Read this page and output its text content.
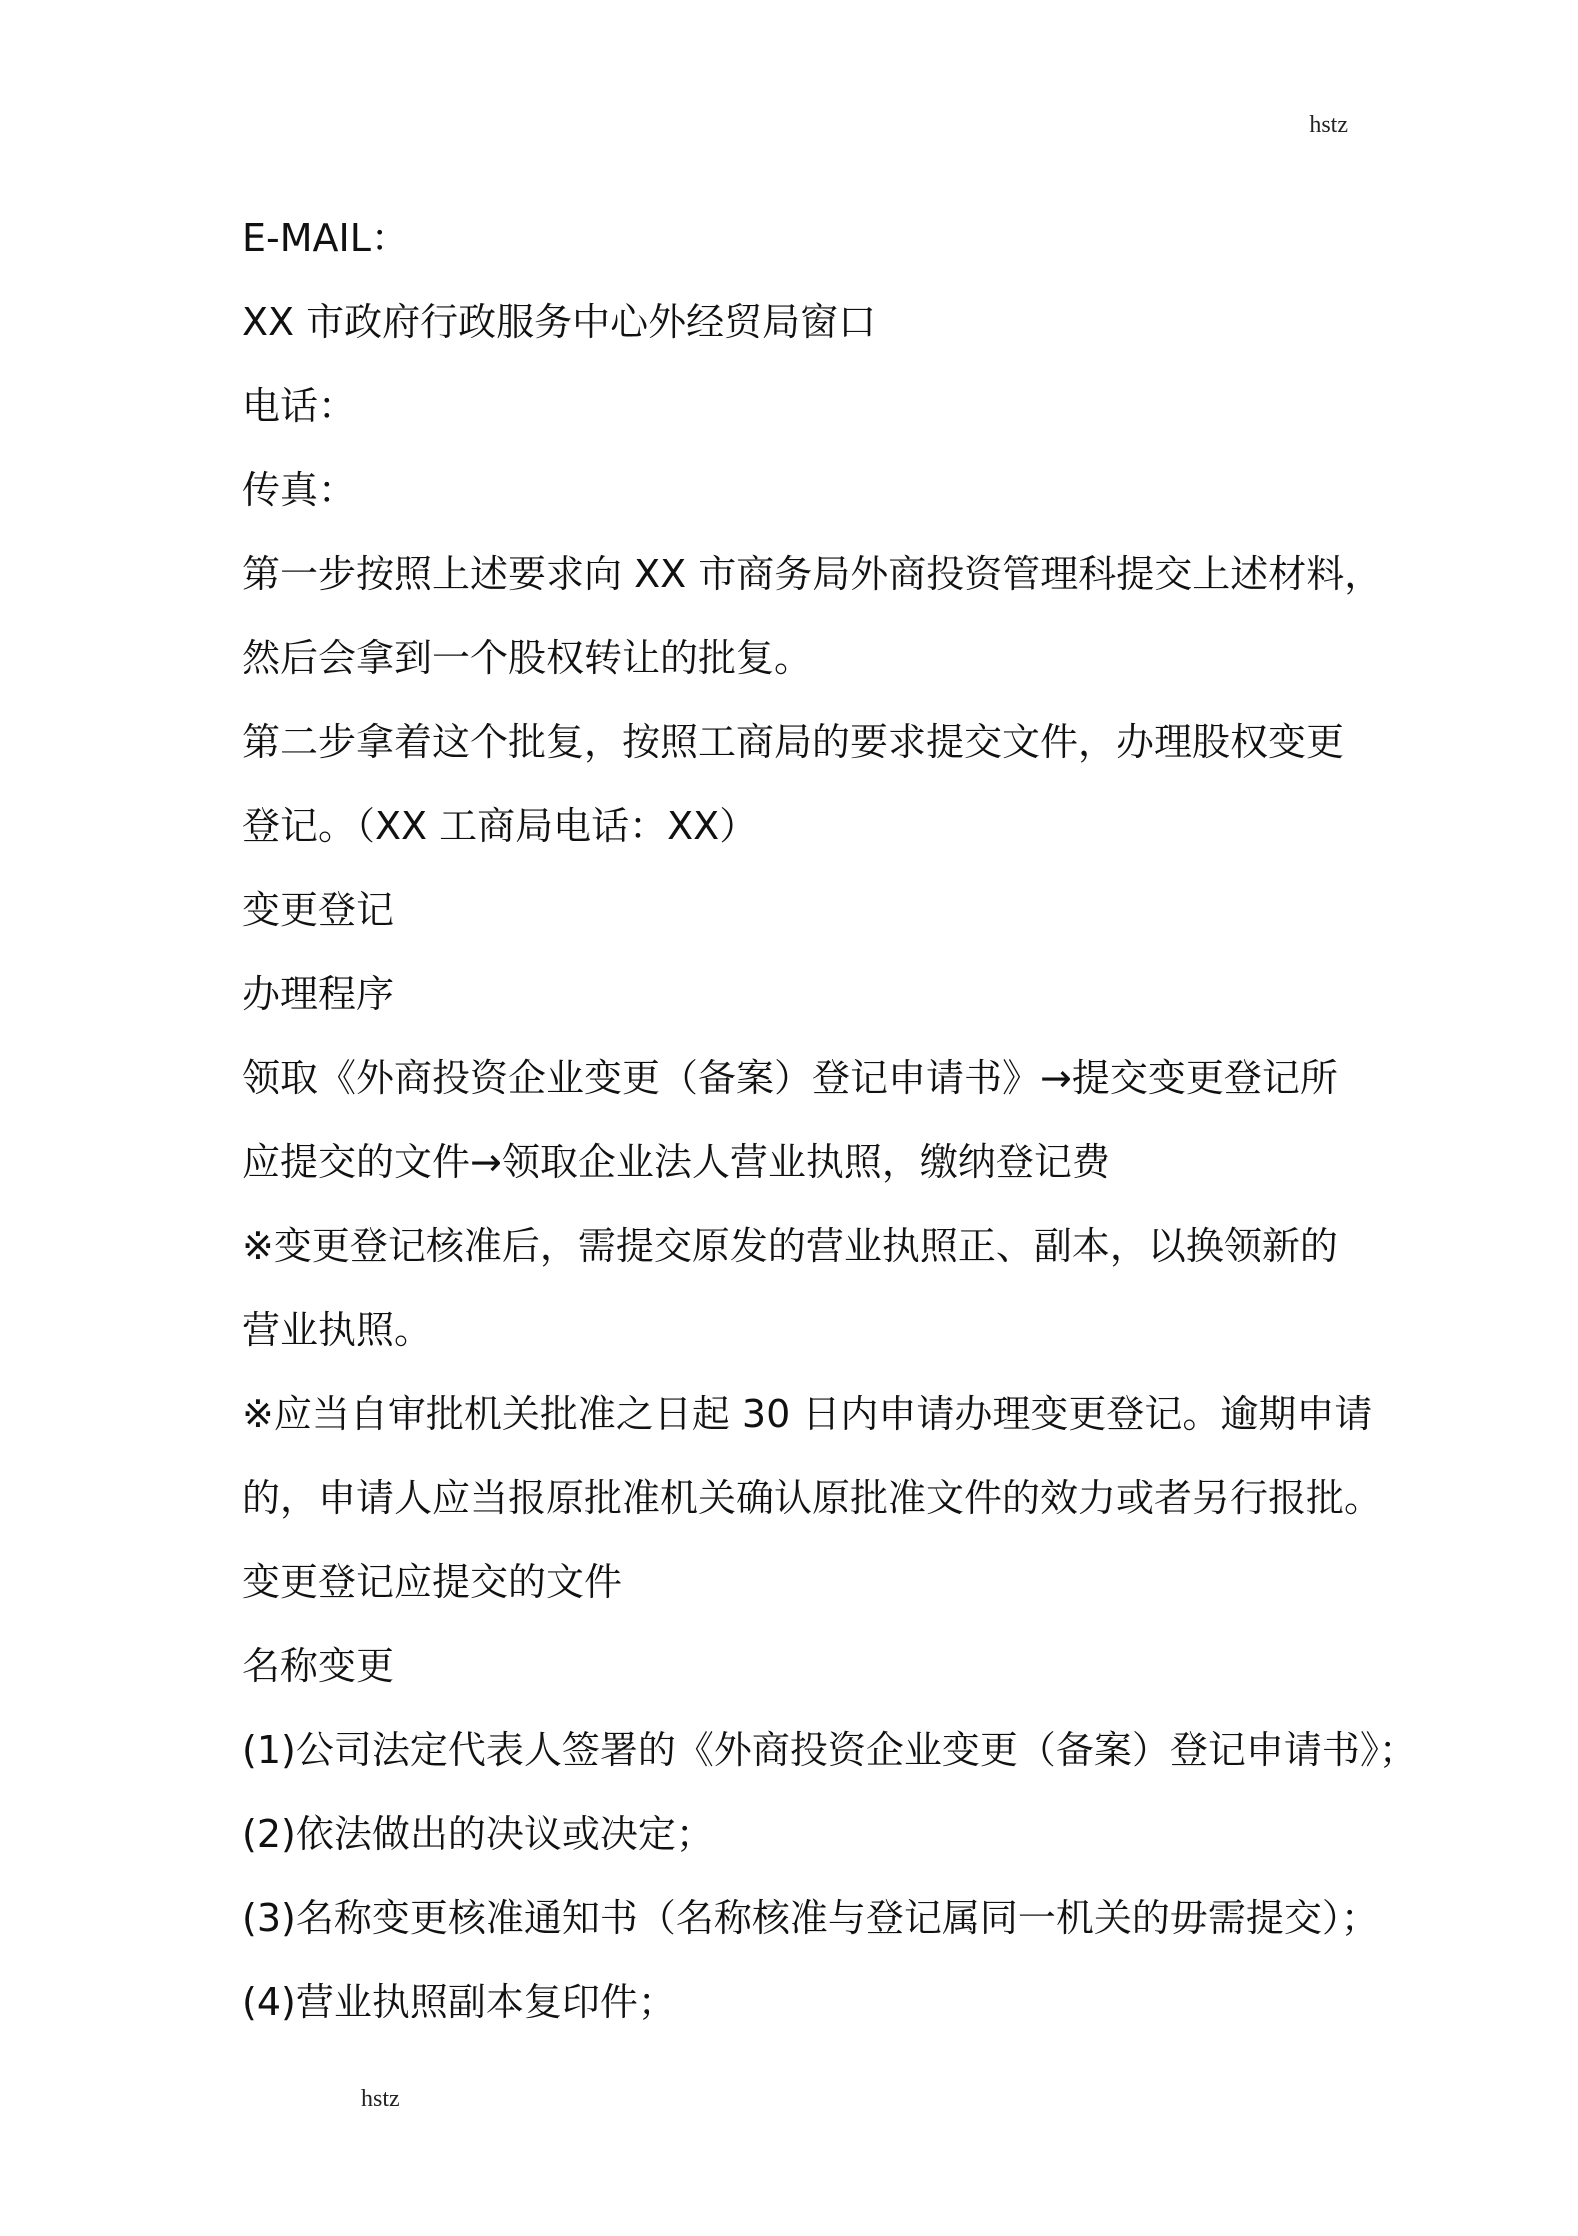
hstz
E-MAIL：
XX 市政府行政服务中心外经贸局窗口
电话：
传真：
第一步按照上述要求向 XX 市商务局外商投资管理科提交上述材料，
然后会拿到一个股权转让的批复。
第二步拿着这个批复，按照工商局的要求提交文件，办理股权变更
登记。（XX 工商局电话：XX）
变更登记
办理程序
领取《外商投资企业变更（备案）登记申请书》→提交变更登记所
应提交的文件→领取企业法人营业执照，缴纳登记费
※变更登记核准后，需提交原发的营业执照正、副本，以换领新的
营业执照。
※应当自审批机关批准之日起 30 日内申请办理变更登记。逾期申请
的，申请人应当报原批准机关确认原批准文件的效力或者另行报批。
变更登记应提交的文件
名称变更
(1)公司法定代表人签署的《外商投资企业变更（备案）登记申请书》；
(2)依法做出的决议或决定；
(3)名称变更核准通知书（名称核准与登记属同一机关的毋需提交）；
(4)营业执照副本复印件；
hstz
